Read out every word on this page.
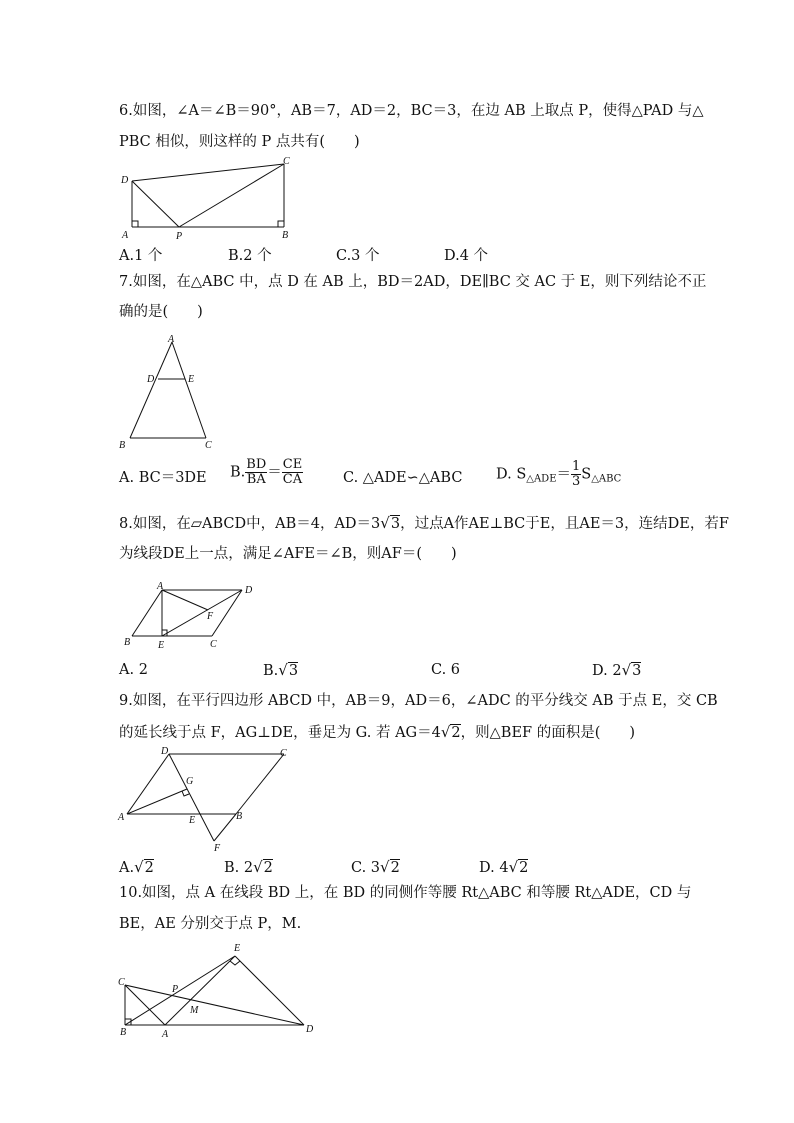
6.如图，∠A＝∠B＝90°，AB＝7，AD＝2，BC＝3，在边 AB 上取点 P，使得△PAD 与△
PBC 相似，则这样的 P 点共有(　　)
D
A	P	B
C
A.1 个	B.2 个	C.3 个	D.4 个
7.如图，在△ABC 中，点 D 在 AB 上，BD＝2AD，DE∥BC 交 AC 于 E，则下列结论不正
确的是(　　)
A
D	E
B	C
A. BC＝3DE B. $\frac{BD}{BA} = \frac{CE}{CA}$	C. △ADE∽△ABC D. $S_{\triangle ADE}= \frac{1}{3} S_{\triangle ABC}$
8.如图，在▱ABCD中，AB＝4，AD＝3√3，过点A作AE⊥BC于E，且AE＝3，连结DE，若F
为线段DE上一点，满足∠AFE＝∠B，则AF＝(　　)
A	D
F
B	E	C
A. 2	B.√3	C. 6	D. 2√3
9.如图，在平行四边形 ABCD 中，AB＝9，AD＝6，∠ADC 的平分线交 AB 于点 E，交 CB
的延长线于点 F，AG⊥DE，垂足为 G. 若 AG＝4√2，则△BEF 的面积是(　　)
D	C
G
A	E	B
F
A.√2	B. 2√2	C. 3√2	D. 4√2
10.如图，点 A 在线段 BD 上，在 BD 的同侧作等腰 Rt△ABC 和等腰 Rt△ADE，CD 与
BE，AE 分别交于点 P，M.
E
C
P
M
B	A	D
